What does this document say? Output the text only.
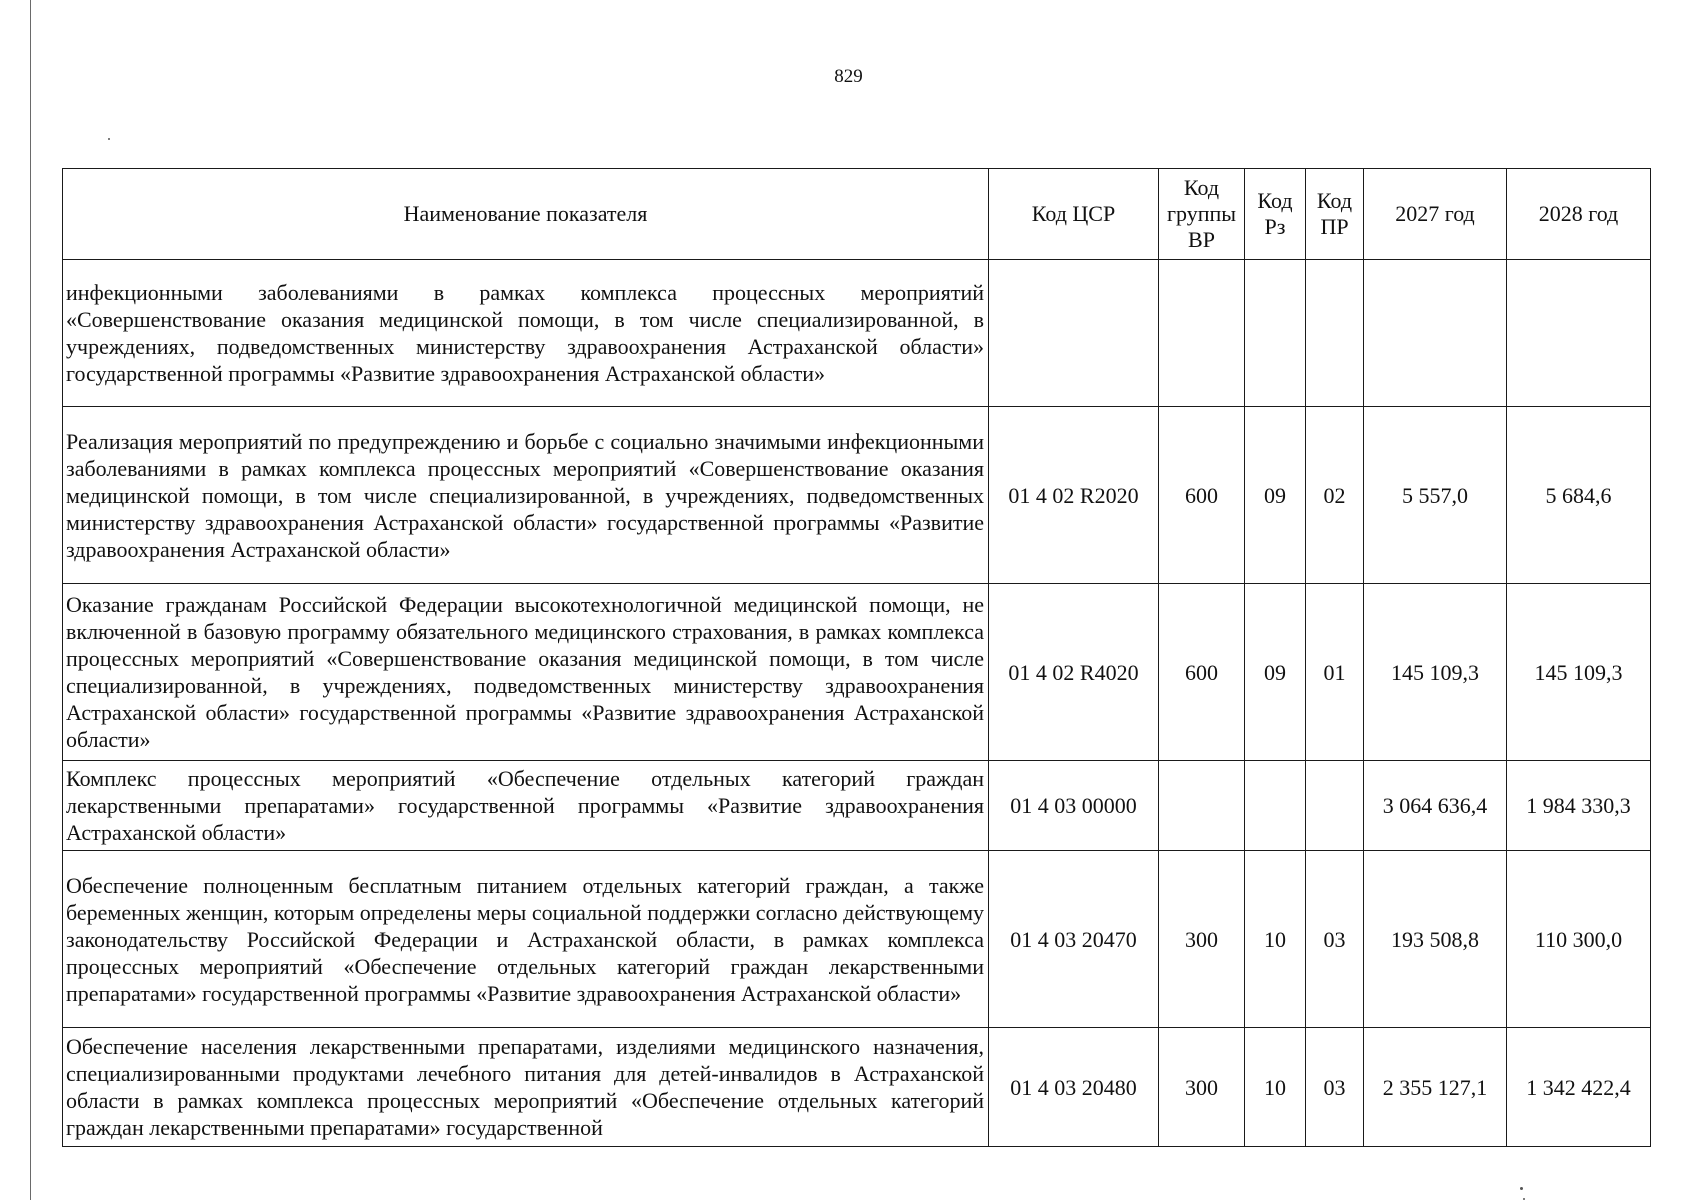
829
Наименование показателя	Код ЦСР	Код группы ВР	Код Рз	Код ПР	2027 год	2028 год
инфекционными заболеваниями в рамках комплекса процессных мероприятий «Совершенствование оказания медицинской помощи, в том числе специализированной, в учреждениях, подведомственных министерству здравоохранения Астраханской области» государственной программы «Развитие здравоохранения Астраханской области»						
Реализация мероприятий по предупреждению и борьбе с социально значимыми инфекционными заболеваниями в рамках комплекса процессных мероприятий «Совершенствование оказания медицинской помощи, в том числе специализированной, в учреждениях, подведомственных министерству здравоохранения Астраханской области» государственной программы «Развитие здравоохранения Астраханской области»	01 4 02 R2020	600	09	02	5 557,0	5 684,6
Оказание гражданам Российской Федерации высокотехнологичной медицинской помощи, не включенной в базовую программу обязательного медицинского страхования, в рамках комплекса процессных мероприятий «Совершенствование оказания медицинской помощи, в том числе специализированной, в учреждениях, подведомственных министерству здравоохранения Астраханской области» государственной программы «Развитие здравоохранения Астраханской области»	01 4 02 R4020	600	09	01	145 109,3	145 109,3
Комплекс процессных мероприятий «Обеспечение отдельных категорий граждан лекарственными препаратами» государственной программы «Развитие здравоохранения Астраханской области»	01 4 03 00000				3 064 636,4	1 984 330,3
Обеспечение полноценным бесплатным питанием отдельных категорий граждан, а также беременных женщин, которым определены меры социальной поддержки согласно действующему законодательству Российской Федерации и Астраханской области, в рамках комплекса процессных мероприятий «Обеспечение отдельных категорий граждан лекарственными препаратами» государственной программы «Развитие здравоохранения Астраханской области»	01 4 03 20470	300	10	03	193 508,8	110 300,0
Обеспечение населения лекарственными препаратами, изделиями медицинского назначения, специализированными продуктами лечебного питания для детей-инвалидов в Астраханской области в рамках комплекса процессных мероприятий «Обеспечение отдельных категорий граждан лекарственными препаратами» государственной	01 4 03 20480	300	10	03	2 355 127,1	1 342 422,4
